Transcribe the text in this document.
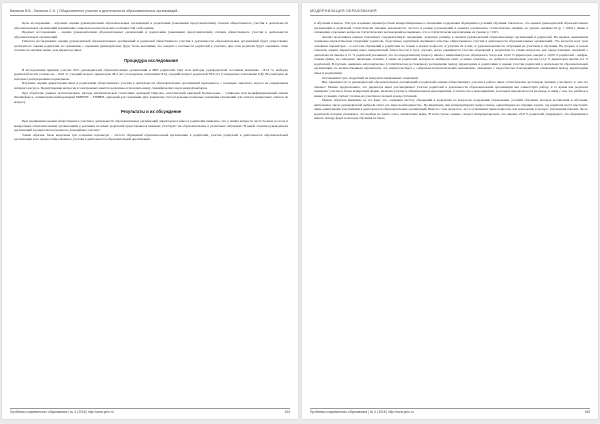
Ваняков В.В., Пахиноа С.Н. | Общественное участие в деятельности образовательных организаций...

Цель исследования – изучение оценки руководителями образовательных организаций и родителями (законными представителями) степени общественного участия в деятельности образовательных организаций и выявление социально-педагогических особенностей этой оценки.

Предмет исследования – оценка руководителями образовательных организаций и родителями (законными представителями) степени общественного участия в деятельности образовательных организаций.

Гипотеза исследования: оценки руководителей образовательных организаций и родителей общественного участия в деятельности образовательных организаций будут существенно различаться: оценки родителей, по сравнению с оценками руководителей, будут более высокими, что говорит о готовности родителей к участию, при этом родители будут оценивать свою готовность значимо выше, чем директора школ.

Процедура исследования

В исследовании приняли участие 2671 руководителей образовательных организаций и 4865 родителей. При этом выборку руководителей составили женщины – 83,2 %, выборку родителей почти столько же – 84,9 %. Средний возраст директоров 48,4 лет (стандартное отклонение 8,9), средний возраст родителей 38,6 лет (стандартное отклонение 6,8). Все выборки не попадают распределению нормальном.

Изучение оценки директорами школ и родителями общественного участия в деятельности образовательных организаций проводилось с помощью анкетного опроса на специальном интернет-ресурсе. Формулировки вопросов в электронных анкетах несколько отличались ввиду специфических задач каждой выборки.

При обработке данных использовались методы математической статистики: критерий Пирсона, классический критерий Колмогорова – Смирнова или модифицированный анализ Лиллиефорса, асимметрический критерий ЕКВЕНС – FISHER, критерий для сравнения двух вариантов степ (отдельные попарные сравнения отношений для ответов конкретных ответов на вопрос).

Результаты и их обсуждение

При оценивании оценки общественного участия в деятельности образовательных организаций директорам и школ и родителям выявлено, что у наших вопросах часто больше по полу и конкретным образовательным организациям в различии на каких родителей представляется важным: участвуют ли образовательные в различных ситуациях? В какой степени руководители организаций и родители настроены на дальнейшее участие?

Таким образом, было выделены три основных параметра – частота обращений образовательной организации к родителям, участие родителей в деятельности образовательной организации и их оценка общественного участия в деятельности образовательной организации.

Проблемы современного образования | № 4 | 2018 | http://www.pmo.ru	164
МОДЕРНИЗАЦИЯ ОБРАЗОВАНИЯ

и обучения в школе. Эти три основных параметра были конкретизированы в отношении содержания обращения и условий обучения. Оказалось, что оценки руководителей образовательных организаций и родителей статистически значимо различаются: частота и размер расхождений в оценках различались статистически значимо на уровне значимости (p < 0,001). Лишь в отношении отдельных вопросов статистических расхождений не выявлено, что и статистически неразличимы на уровне p > 0,05.

Анализ полученных данных показывает содержательную тенденцию, заданную разницу в оценках руководителей образовательных организаций и родителей. Во-первых, выявленная социально-педагогическая тенденция: родители, безусловно, критичней оценивают качество общественного участия в деятельности образовательных организаций. Это касается всех трех основных параметров – и частоты обращений к родителям не только в малых вопросах, и участия их в них, и удовлетворенности ситуацией их участием в обучении. Во вторых, в целом отмечена оценка директорами школ приоритетной благостности в трех случаях, когда оценивается участие обращений к родителям по таким вопросам, как предоставление сведений о деятельности школы; в 21 % родителей указывают, что по определенному вопросу школа с ними никогда не обращалась, тогда как 12,22 % директоров говорят о 10,69 % родителей – цифры, схожие прямо, не совпадают нисколько отличие, а также на родителей, которые не выбирали ответ «сложно ответить», по требуется значительно участие (11,2 % директоров против 9,2 % родителей). В-третьих, выявлено категорическое (статистически достоверное) расхождение между директорами и родителями в оценке участия родителей в деятельности образовательной организации: по количественным параметрам, что свидетельствует о социально-психологических механизмах, связанных с недостаточно благоприятным отношением между директорами школ и родителями.

Остановимся чуть подробней на каждой из выявленных тенденций.

Вне зависимости от руководителей образовательных организаций и родителей оценки общественного участия в работе школ статистически достоверно значимо участвуют. С чем это связано? Можно предположить, что директора школ рассматривают участие родителей в деятельности образовательной организации как совместную работу, в то время как родители понимают участие в более конкретной форме, включая участие в общешкольных мероприятиях, в частности, в мероприятиях, в которых предполагается их вклад, в связи с тем, что ребёнок в новых условиях считает степень их участия не полной и недостаточной.

Можно обратить внимание на тот факт, что, оценивая частоту обращений к родителям по вопросам содержания образования, условий обучения, методов воспитания и обучения, наибольшее число руководителей выбрали ответ «по мере необходимости». По-видимому, они интерпретируют вопрос иначе, ориентируясь на текущие задачи, где родители могут выступать лишь единичными участниками в деятельности образовательных организаций. Вместе с тем оказалось, что в отношении таких вопросов, как вовлечение в процесс управления школой, число родителей, которые указывают, что вообще не знают этого, значительно выше. В этом случае, однако, следует интерпретировать, что именно 25,8 % родителей утверждают, что обращения к ним по поводу форм и методов обучения не было.

Проблемы современного образования | № 4 | 2018 | http://www.pmo.ru	165
